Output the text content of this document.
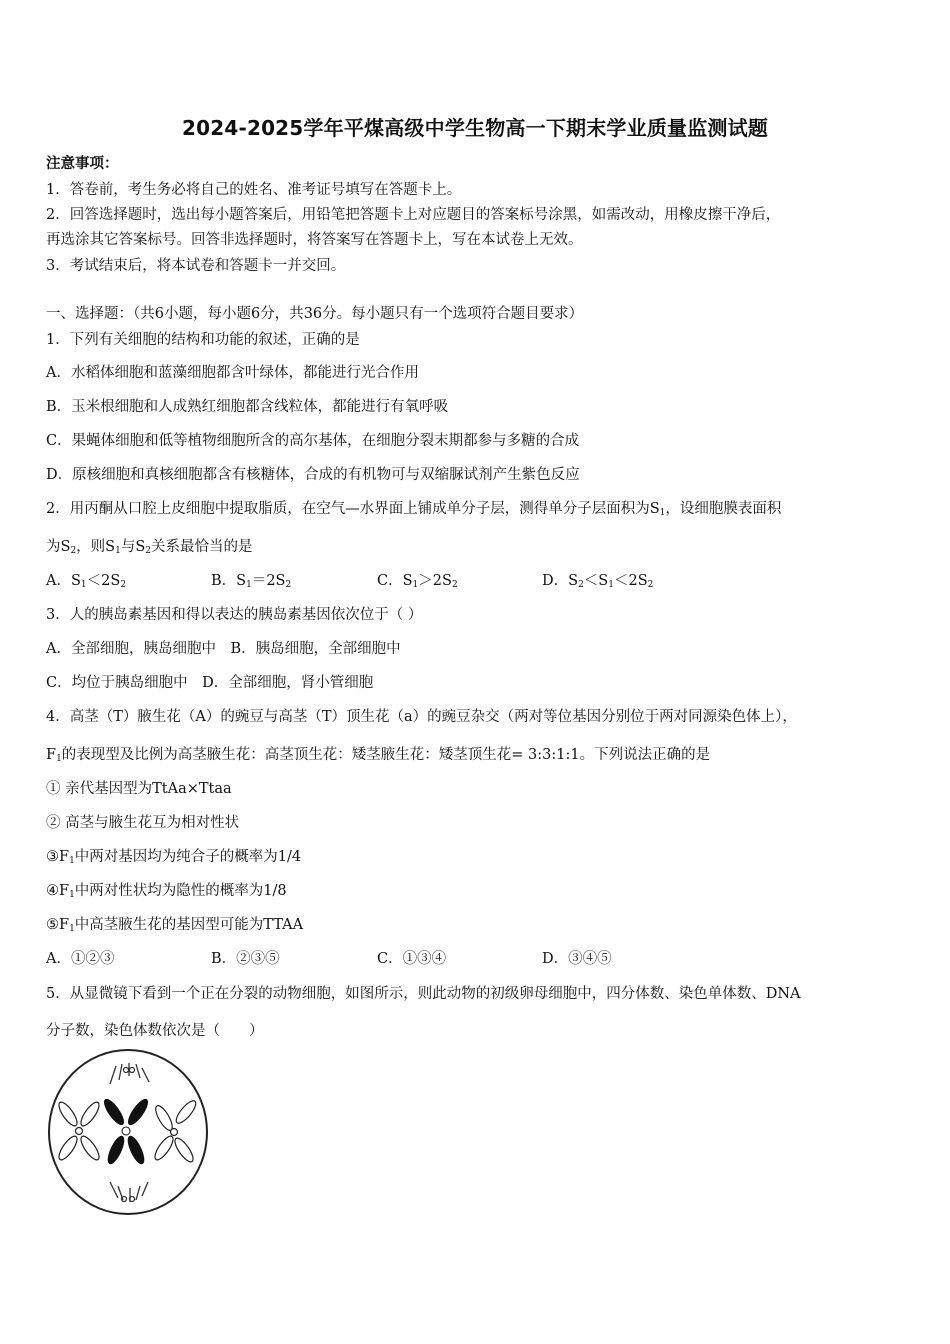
2024-2025学年平煤高级中学生物高一下期末学业质量监测试题
注意事项：
1．答卷前，考生务必将自己的姓名、准考证号填写在答题卡上。
2．回答选择题时，选出每小题答案后，用铅笔把答题卡上对应题目的答案标号涂黑，如需改动，用橡皮擦干净后，
再选涂其它答案标号。回答非选择题时，将答案写在答题卡上，写在本试卷上无效。
3．考试结束后，将本试卷和答题卡一并交回。
一、选择题：（共6小题，每小题6分，共36分。每小题只有一个选项符合题目要求）
1．下列有关细胞的结构和功能的叙述，正确的是
A．水稻体细胞和蓝藻细胞都含叶绿体，都能进行光合作用
B．玉米根细胞和人成熟红细胞都含线粒体，都能进行有氧呼吸
C．果蝇体细胞和低等植物细胞所含的高尔基体，在细胞分裂末期都参与多糖的合成
D．原核细胞和真核细胞都含有核糖体，合成的有机物可与双缩脲试剂产生紫色反应
2．用丙酮从口腔上皮细胞中提取脂质，在空气—水界面上铺成单分子层，测得单分子层面积为$S_1$，设细胞膜表面积
为$S_2$，则$S_1$与$S_2$关系最恰当的是
A．$S_1<2S_2$	B．$S_1=2S_2$	C．$S_1>2S_2$	D．$S_2<S_1<2S_2$
3．人的胰岛素基因和得以表达的胰岛素基因依次位于（ ）
A．全部细胞，胰岛细胞中　B．胰岛细胞，全部细胞中
C．均位于胰岛细胞中　D．全部细胞，肾小管细胞
4．高茎（T）腋生花（A）的豌豆与高茎（T）顶生花（a）的豌豆杂交（两对等位基因分别位于两对同源染色体上），
$F_1$的表现型及比例为高茎腋生花：高茎顶生花：矮茎腋生花：矮茎顶生花= 3:3:1:1。下列说法正确的是
① 亲代基因型为TtAa×Ttaa
② 高茎与腋生花互为相对性状
$③F_1$中两对基因均为纯合子的概率为1/4
$④F_1$中两对性状均为隐性的概率为1/8
$⑤F_1$中高茎腋生花的基因型可能为TTAA
A．①②③	B．②③⑤	C．①③④	D．③④⑤
5．从显微镜下看到一个正在分裂的动物细胞，如图所示，则此动物的初级卵母细胞中，四分体数、染色单体数、DNA
分子数，染色体数依次是（　　）
